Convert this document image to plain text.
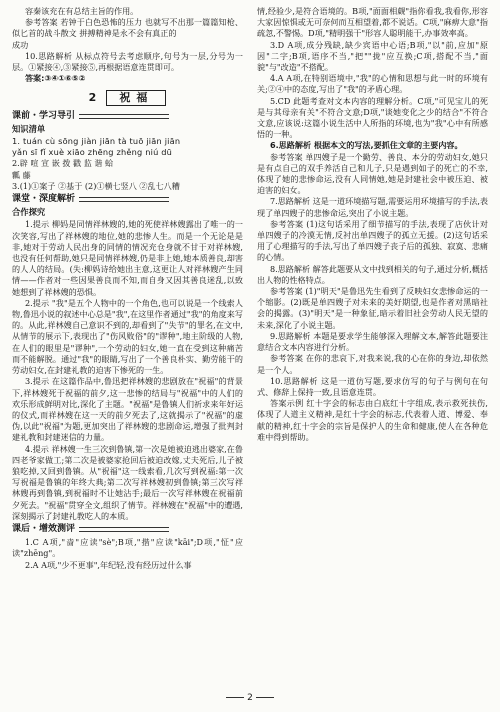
容秦该充在有总结主旨的作用。

参考答案 若钟于白色恐怖的压力 也就写不出那一篇篇知枪、似匕首的战斗散文 拼搏精神是永不会有真正的

成功

10.思路解析 从标点符号去考虑顺序,句号为一层,分号为一层。①紧接④,③紧接⑤,再根据语意连贯即可。

答案:③④①⑥⑤②

2	祝福
课前・学习导引
知识清单

1. tuán cù sōng jiàn jiān tà tuō jiān jiān

yǎn sī fǐ xuè xiāo zhēng zhěng niú dū

2.辟 喧 宣 嵌 拨 戳 监 谐 蛤

瓤 藤

3.(1)①案子 ②基于 (2)①横七竖八 ②乱七八糟

课堂・深度解析
合作探究

1.提示 柳妈是同情祥林嫂的,她的死使祥林嫂露出了唯一的一次笑容,写出了祥林嫂的地位,她的悲惨人生。而是一个无论是是非,她对于劳动人民出身的同情的情况充仓身就不甘于对祥林嫂,也没有任何帮助,她只是同情祥林嫂,仍是非上她,她本质善良,却害的人人的结局。(失:柳妈诗给她出主意,这更让人对祥林嫂产生同情——作者对一些因果善良而不知,而自身又因其善良迷乱,以致她想到了祥林嫂的恐惧。

2.提示 "我"是五个人物中的一个角色,也可以说是一个线索人物,鲁迅小说的叙述中心总是"我",在这里作者通过"我"的角度来写的。从此,祥林嫂自己意识不到的,却看到了"失节"的罪名,在文中,从情节的展示下,表现出了"伤风败俗"的"谬种",地主阶级的人物,在人们的眼里是"谬种",一个劳动的妇女,她一直在受到这种痛苦而不能解脱。通过"我"的眼睛,写出了一个善良朴实、勤劳能干的劳动妇女,在封建礼教的迫害下惨死的一生。

3.提示 在这篇作品中,鲁迅把祥林嫂的悲剧放在"祝福"的背景下,祥林嫂死于祝福的前夕,这一悲惨的结局与"祝福"中的人们的欢乐形成鲜明对比,深化了主题。"祝福"是鲁镇人们祈求来年好运的仪式,而祥林嫂在这一天的前夕死去了,这就揭示了"祝福"的虚伪,以此"祝福"为题,更加突出了祥林嫂的悲剧命运,增强了批判封建礼教和封建迷信的力量。

4.提示 祥林嫂一生三次到鲁镇,第一次是她被迫逃出婆家,在鲁四老爷家做工;第二次是被婆家抢回后被迫改嫁,丈夫死后,儿子被狼吃掉,又回到鲁镇。从"祝福"这一线索看,几次写到祝福:第一次写祝福是鲁镇的年终大典;第二次写祥林嫂初到鲁镇;第三次写祥林嫂再到鲁镇,到祝福时不让她沾手;最后一次写祥林嫂在祝福前夕死去。"祝福"贯穿全文,组织了情节。祥林嫂在"祝福"中的遭遇,深刻揭示了封建礼教吃人的本质。

课后・增效测评

1.C A项,"啬"应读"sè";B项,"揩"应读"kāi";D项,"怔"应读"zhēng"。

2.A A项,"少不更事",年纪轻,没有经历过什么事

情,经验少,是符合语境的。B项,"面面相觑"指你看我,我看你,形容大家因惊惧或无可奈何而互相望着,都不说话。C项,"麻痹大意"指疏忽,不警惕。D项,"精明强干"形容人聪明能干,办事效率高。

3.D A项,成分残缺,缺少宾语中心语;B项,"以"前,应加"原因"二字;B项,语序不当,"把""拢"应互换;C项,搭配不当,"面貌"与"改造"不搭配。

4.A A项,在特别语境中,"我"的心情和思想与此一时的环境有关;②④中的态度,写出了"我"的矛盾心理。

5.CD 此题考查对文本内容的理解分析。C项,"可见宝儿的死是与其母亲有关"不符合文意;D项,"谈她变化之少的结合"不符合文意,应该说:这篇小说生活中人所指的环境,也为"我"心中有所感悟的一种。

6.思路解析 根据本文的写法,要抓住文章的主要内容。

参考答案 单四嫂子是一个勤劳、善良、本分的劳动妇女,她只是有点自己的双手养活自己和儿子,只是遇到如子的死亡的不幸,体现了她的悲惨命运,没有人同情她,她是封建社会中被压迫、被迫害的妇女。

7.思路解析 这是一道环境描写题,需要运用环境描写的手法,表现了单四嫂子的悲惨命运,突出了小说主题。

参考答案 (1)这句话采用了细节描写的手法,表现了店伙计对单四嫂子的冷漠无情,反衬出单四嫂子的孤立无援。(2)这句话采用了心理描写的手法,写出了单四嫂子丧子后的孤独、寂寞、悲痛的心情。

8.思路解析 解答此题要从文中找到相关的句子,通过分析,概括出人物的性格特点。

参考答案 (1)"明天"是鲁迅先生看到了反映妇女悲惨命运的一个缩影。(2)既是单四嫂子对未来的美好期望,也是作者对黑暗社会的揭露。(3)"明天"是一种象征,暗示着旧社会劳动人民无望的未来,深化了小说主题。

9.思路解析 本题是要求学生能够深入理解文本,解答此题要注意结合文本内容进行分析。

参考答案 在你的悲哀下,对我来说,我的心在你的身边,却依然是一个人。

10.思路解析 这是一道仿写题,要求仿写的句子与例句在句式、修辞上保持一致,且语意连贯。

答案示例 红十字会的标志由白底红十字组成,表示救死扶伤,体现了人道主义精神,是红十字会的标志,代表着人道、博爱、奉献的精神,红十字会的宗旨是保护人的生命和健康,使人在各种危难中得到帮助。

2
